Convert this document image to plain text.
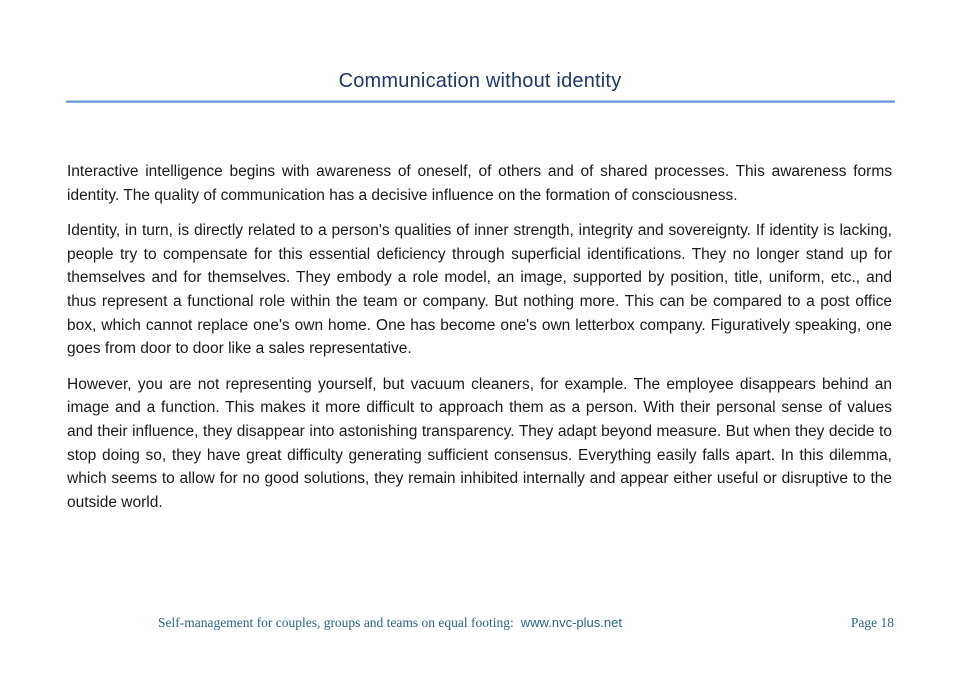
Communication without identity

Interactive intelligence begins with awareness of oneself, of others and of shared processes. This awareness forms identity. The quality of communication has a decisive influence on the formation of consciousness.

Identity, in turn, is directly related to a person's qualities of inner strength, integrity and sovereignty. If identity is lacking, people try to compensate for this essential deficiency through superficial identifications. They no longer stand up for themselves and for themselves. They embody a role model, an image, supported by position, title, uniform, etc., and thus represent a functional role within the team or company. But nothing more. This can be compared to a post office box, which cannot replace one's own home. One has become one's own letterbox company. Figuratively speaking, one goes from door to door like a sales representative.

However, you are not representing yourself, but vacuum cleaners, for example. The employee disappears behind an image and a function. This makes it more difficult to approach them as a person. With their personal sense of values and their influence, they disappear into astonishing transparency. They adapt beyond measure. But when they decide to stop doing so, they have great difficulty generating sufficient consensus. Everything easily falls apart. In this dilemma, which seems to allow for no good solutions, they remain inhibited internally and appear either useful or disruptive to the outside world.

Self-management for couples, groups and teams on equal footing: www.nvc-plus.net	Page 18
